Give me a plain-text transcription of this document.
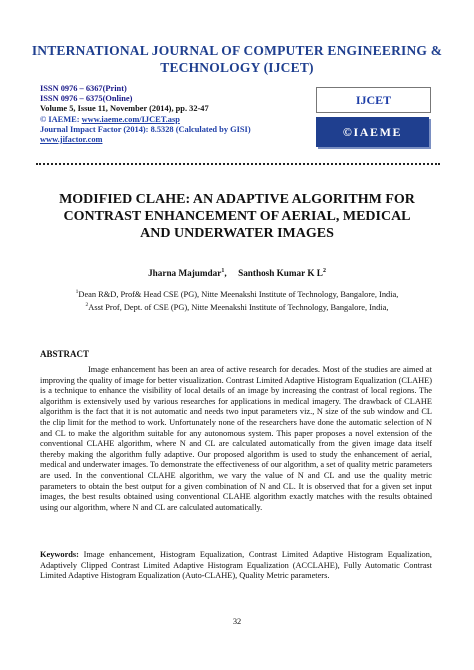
INTERNATIONAL JOURNAL OF COMPUTER ENGINEERING &
TECHNOLOGY (IJCET)
ISSN 0976 – 6367(Print)
ISSN 0976 – 6375(Online)
Volume 5, Issue 11, November (2014), pp. 32-47
© IAEME: www.iaeme.com/IJCET.asp
Journal Impact Factor (2014): 8.5328 (Calculated by GISI)
www.jifactor.com
IJCET
©IAEME
MODIFIED CLAHE: AN ADAPTIVE ALGORITHM FOR
CONTRAST ENHANCEMENT OF AERIAL, MEDICAL
AND UNDERWATER IMAGES
Jharna Majumdar$^1$,     Santhosh Kumar K $L^2$
$^1$Dean R&D, Prof& Head CSE (PG), Nitte Meenakshi Institute of Technology, Bangalore, India,
$^2$Asst Prof, Dept. of CSE (PG), Nitte Meenakshi Institute of Technology, Bangalore, India,
ABSTRACT
Image enhancement has been an area of active research for decades. Most of the studies are aimed at improving the quality of image for better visualization. Contrast Limited Adaptive Histogram Equalization (CLAHE) is a technique to enhance the visibility of local details of an image by increasing the contrast of local regions. The algorithm is extensively used by various researches for applications in medical imagery. The drawback of CLAHE algorithm is the fact that it is not automatic and needs two input parameters viz., N size of the sub window and CL the clip limit for the method to work. Unfortunately none of the researchers have done the automatic selection of N and CL to make the algorithm suitable for any autonomous system. This paper proposes a novel extension of the conventional CLAHE algorithm, where N and CL are calculated automatically from the given image data itself thereby making the algorithm fully adaptive. Our proposed algorithm is used to study the enhancement of aerial, medical and underwater images. To demonstrate the effectiveness of our algorithm, a set of quality metric parameters are used. In the conventional CLAHE algorithm, we vary the value of N and CL and use the quality metric parameters to obtain the best output for a given combination of N and CL. It is observed that for a given set input images, the best results obtained using conventional CLAHE algorithm exactly matches with the results obtained using our algorithm, where N and CL are calculated automatically.
Keywords: Image enhancement, Histogram Equalization, Contrast Limited Adaptive Histogram Equalization, Adaptively Clipped Contrast Limited Adaptive Histogram Equalization (ACCLAHE), Fully Automatic Contrast Limited Adaptive Histogram Equalization (Auto-CLAHE), Quality Metric parameters.
32
